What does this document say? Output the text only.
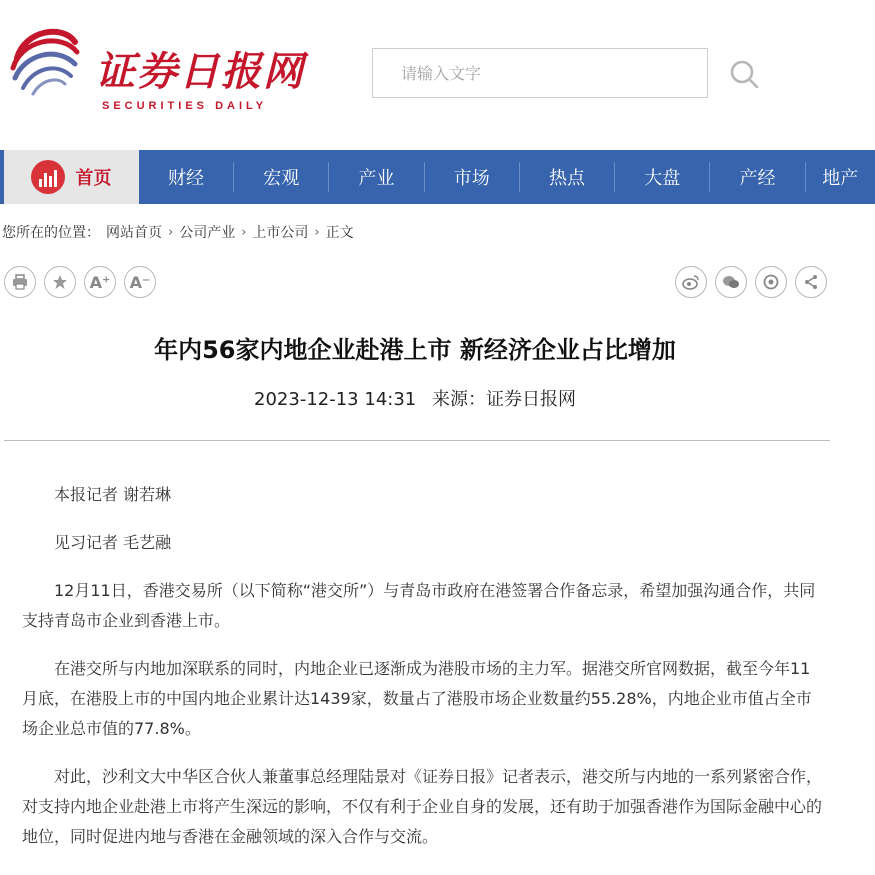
证券日报网
SECURITIES DAILY
请输入文字
首页	财经	宏观	产业	市场	热点	大盘	产经	地产
您所在的位置： 网站首页 › 公司产业 › 上市公司 › 正文
A⁺	A⁻
年内56家内地企业赴港上市 新经济企业占比增加
2023-12-13 14:31 来源：证券日报网

本报记者 谢若琳

见习记者 毛艺融

12月11日，香港交易所（以下简称“港交所”）与青岛市政府在港签署合作备忘录，希望加强沟通合作，共同支持青岛市企业到香港上市。

在港交所与内地加深联系的同时，内地企业已逐渐成为港股市场的主力军。据港交所官网数据，截至今年11月底，在港股上市的中国内地企业累计达1439家，数量占了港股市场企业数量约55.28%，内地企业市值占全市场企业总市值的77.8%。

对此，沙利文大中华区合伙人兼董事总经理陆景对《证券日报》记者表示，港交所与内地的一系列紧密合作，对支持内地企业赴港上市将产生深远的影响，不仅有利于企业自身的发展，还有助于加强香港作为国际金融中心的地位，同时促进内地与香港在金融领域的深入合作与交流。
